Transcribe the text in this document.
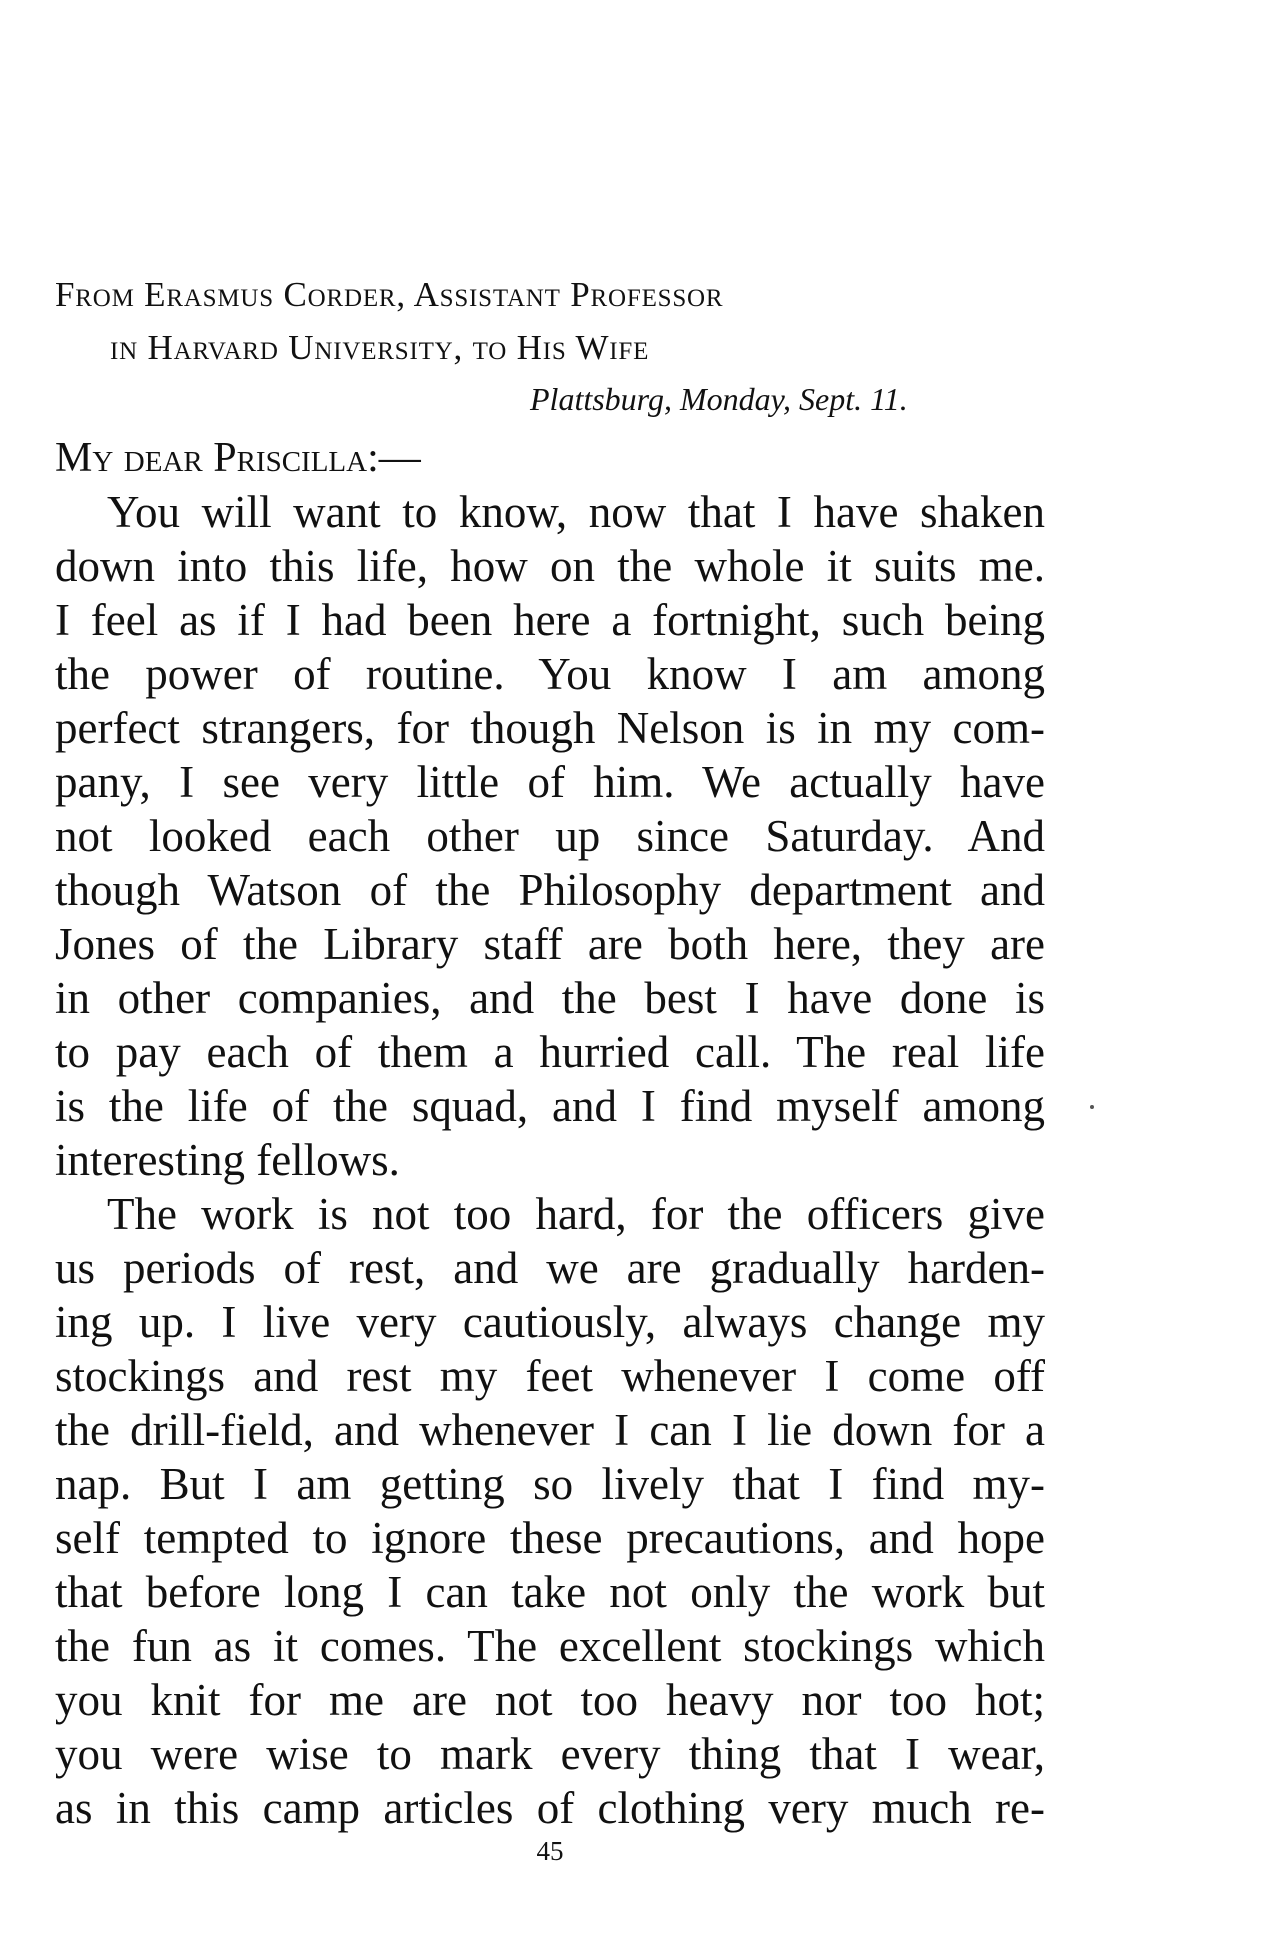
From Erasmus Corder, Assistant Professor
in Harvard University, to His Wife
Plattsburg, Monday, Sept. 11.
My dear Priscilla:—
You will want to know, now that I have shaken
down into this life, how on the whole it suits me.
I feel as if I had been here a fortnight, such being
the power of routine. You know I am among
perfect strangers, for though Nelson is in my com-
pany, I see very little of him. We actually have
not looked each other up since Saturday. And
though Watson of the Philosophy department and
Jones of the Library staff are both here, they are
in other companies, and the best I have done is
to pay each of them a hurried call. The real life
is the life of the squad, and I find myself among
interesting fellows.
The work is not too hard, for the officers give
us periods of rest, and we are gradually harden-
ing up. I live very cautiously, always change my
stockings and rest my feet whenever I come off
the drill-field, and whenever I can I lie down for a
nap. But I am getting so lively that I find my-
self tempted to ignore these precautions, and hope
that before long I can take not only the work but
the fun as it comes. The excellent stockings which
you knit for me are not too heavy nor too hot;
you were wise to mark every thing that I wear,
as in this camp articles of clothing very much re-
45
